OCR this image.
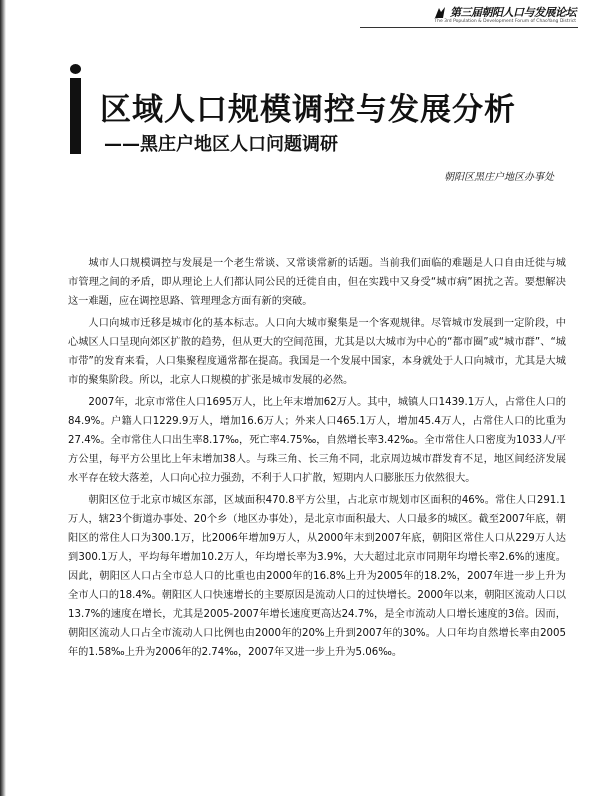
第三届朝阳人口与发展论坛
The 3rd Population & Development Forum of ChaoYang District
区域人口规模调控与发展分析
——黑庄户地区人口问题调研
朝阳区黑庄户地区办事处

城市人口规模调控与发展是一个老生常谈、又常谈常新的话题。当前我们面临的难题是人口自由迁徙与城市管理之间的矛盾，即从理论上人们都认同公民的迁徙自由，但在实践中又身受“城市病”困扰之苦。要想解决这一难题，应在调控思路、管理理念方面有新的突破。

人口向城市迁移是城市化的基本标志。人口向大城市聚集是一个客观规律。尽管城市发展到一定阶段，中心城区人口呈现向郊区扩散的趋势，但从更大的空间范围，尤其是以大城市为中心的“都市圈”或“城市群”、“城市带”的发育来看，人口集聚程度通常都在提高。我国是一个发展中国家，本身就处于人口向城市，尤其是大城市的聚集阶段。所以，北京人口规模的扩张是城市发展的必然。

2007年，北京市常住人口1695万人，比上年末增加62万人。其中，城镇人口1439.1万人，占常住人口的84.9%。户籍人口1229.9万人，增加16.6万人；外来人口465.1万人，增加45.4万人，占常住人口的比重为27.4%。全市常住人口出生率8.17‰，死亡率4.75‰，自然增长率3.42‰。全市常住人口密度为1033人/平方公里，每平方公里比上年末增加38人。与珠三角、长三角不同，北京周边城市群发育不足，地区间经济发展水平存在较大落差，人口向心拉力强劲，不利于人口扩散，短期内人口膨胀压力依然很大。

朝阳区位于北京市城区东部，区域面积470.8平方公里，占北京市规划市区面积的46%。常住人口291.1万人，辖23个街道办事处、20个乡（地区办事处），是北京市面积最大、人口最多的城区。截至2007年底，朝阳区的常住人口为300.1万，比2006年增加9万人，从2000年末到2007年底，朝阳区常住人口从229万人达到300.1万人，平均每年增加10.2万人，年均增长率为3.9%，大大超过北京市同期年均增长率2.6%的速度。因此，朝阳区人口占全市总人口的比重也由2000年的16.8%上升为2005年的18.2%，2007年进一步上升为全市人口的18.4%。朝阳区人口快速增长的主要原因是流动人口的过快增长。2000年以来，朝阳区流动人口以13.7%的速度在增长，尤其是2005-2007年增长速度更高达24.7%，是全市流动人口增长速度的3倍。因而，朝阳区流动人口占全市流动人口比例也由2000年的20%上升到2007年的30%。人口年均自然增长率由2005年的1.58‰上升为2006年的2.74‰，2007年又进一步上升为5.06‰。
